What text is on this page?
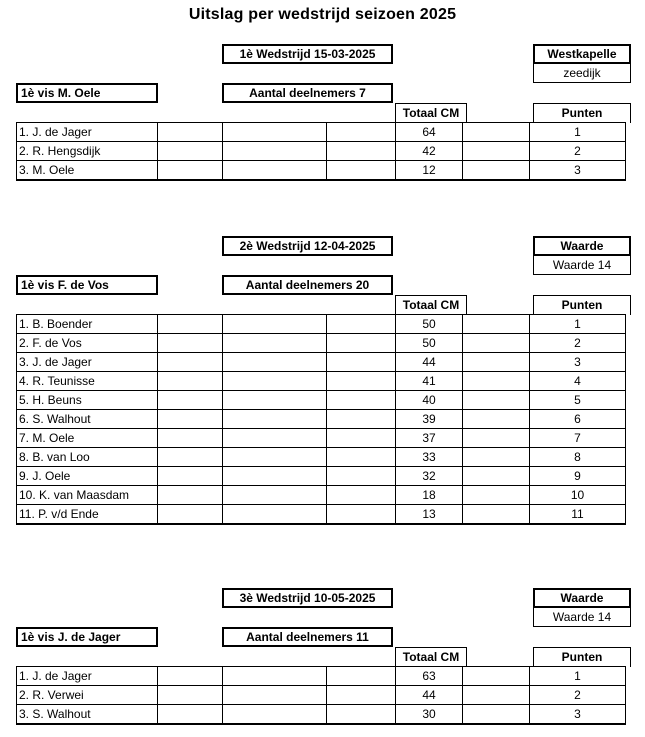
Uitslag per wedstrijd seizoen 2025
1è Wedstrijd 15-03-2025	Westkapelle
zeedijk
1è vis M. Oele	Aantal deelnemers 7
Totaal CM	Punten
1. J. de Jager				64		1
2. R. Hengsdijk				42		2
3. M. Oele				12		3
2è Wedstrijd 12-04-2025	Waarde
Waarde 14
1è vis F. de Vos	Aantal deelnemers 20
Totaal CM	Punten
1. B. Boender				50		1
2. F. de Vos				50		2
3. J. de Jager				44		3
4. R. Teunisse				41		4
5. H. Beuns				40		5
6. S. Walhout				39		6
7. M. Oele				37		7
8. B. van Loo				33		8
9. J. Oele				32		9
10. K. van Maasdam				18		10
11. P. v/d Ende				13		11
3è Wedstrijd 10-05-2025	Waarde
Waarde 14
1è vis J. de Jager	Aantal deelnemers 11
Totaal CM	Punten
1. J. de Jager				63		1
2. R. Verwei				44		2
3. S. Walhout				30		3
